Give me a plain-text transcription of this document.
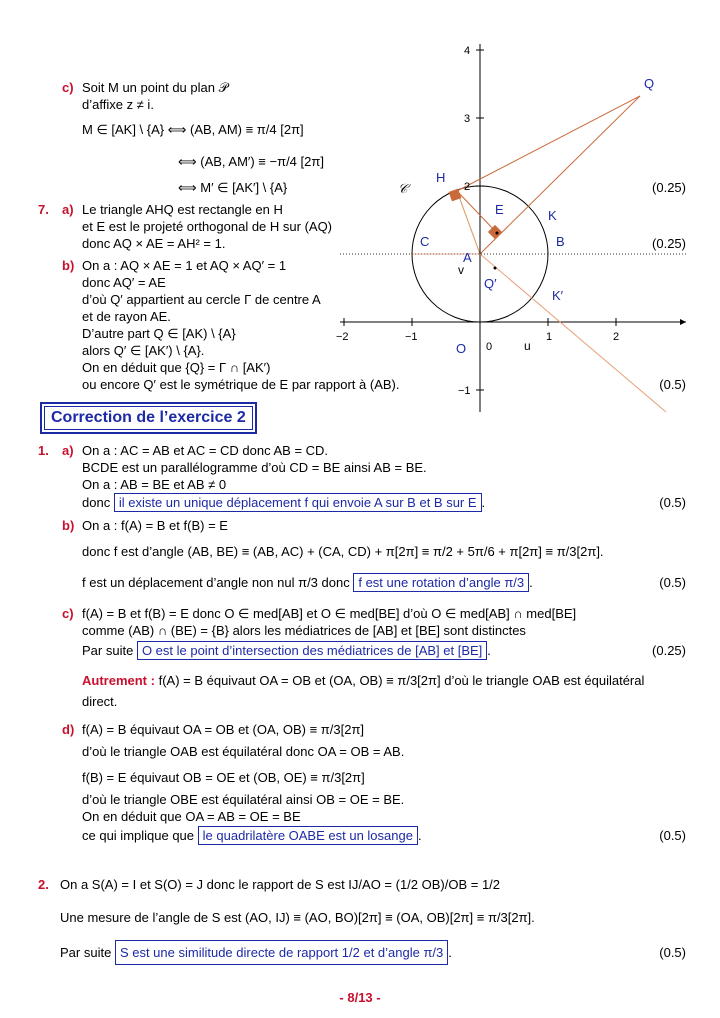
Q
H
E	K
C	B
A
Q′
K′
O 0	u
v
𝒞
−2	−1	1	2
4
3
2
−1
c) Soit M un point du plan 𝒫
d’affixe z ≠ i.
M ∈ [AK] \ {A} ⟺ (AB, AM) ≡ π/4 [2π]
⟺ (AB, AM′) ≡ −π/4 [2π]
⟺ M′ ∈ [AK′] \ {A}	(0.25)
7. a) Le triangle AHQ est rectangle en H
et E est le projeté orthogonal de H sur (AQ)
donc AQ × AE = AH² = 1.	(0.25)
b) On a : AQ × AE = 1 et AQ × AQ′ = 1
donc AQ′ = AE
d’où Q′ appartient au cercle Γ de centre A
et de rayon AE.
D’autre part Q ∈ [AK) \ {A}
alors Q′ ∈ [AK′) \ {A}.
On en déduit que {Q} = Γ ∩ [AK′)
ou encore Q′ est le symétrique de E par rapport à (AB).	(0.5)
Correction de l’exercice 2
1. a) On a : AC = AB et AC = CD donc AB = CD.
BCDE est un parallélogramme d’où CD = BE ainsi AB = BE.
On a : AB = BE et AB ≠ 0
donc il existe un unique déplacement f qui envoie A sur B et B sur E .	(0.5)
b) On a : f(A) = B et f(B) = E
donc f est d’angle (AB, BE) ≡ (AB, AC) + (CA, CD) + π[2π] ≡ π/2 + 5π/6 + π[2π] ≡ π/3[2π].
f est un déplacement d’angle non nul π/3 donc f est une rotation d’angle π/3 .	(0.5)
c) f(A) = B et f(B) = E donc O ∈ med[AB] et O ∈ med[BE] d’où O ∈ med[AB] ∩ med[BE]
comme (AB) ∩ (BE) = {B} alors les médiatrices de [AB] et [BE] sont distinctes
Par suite O est le point d’intersection des médiatrices de [AB] et [BE] .	(0.25)
Autrement : f(A) = B équivaut OA = OB et (OA, OB) ≡ π/3[2π] d’où le triangle OAB est équilatéral
direct.
d) f(A) = B équivaut OA = OB et (OA, OB) ≡ π/3[2π]
d’où le triangle OAB est équilatéral donc OA = OB = AB.
f(B) = E équivaut OB = OE et (OB, OE) ≡ π/3[2π]
d’où le triangle OBE est équilatéral ainsi OB = OE = BE.
On en déduit que OA = AB = OE = BE
ce qui implique que le quadrilatère OABE est un losange .	(0.5)
2. On a S(A) = I et S(O) = J donc le rapport de S est IJ/AO = (1/2 OB)/OB = 1/2
Une mesure de l’angle de S est (AO, IJ) ≡ (AO, BO)[2π] ≡ (OA, OB)[2π] ≡ π/3[2π].
Par suite S est une similitude directe de rapport 1/2 et d’angle π/3 .	(0.5)
- 8/13 -
